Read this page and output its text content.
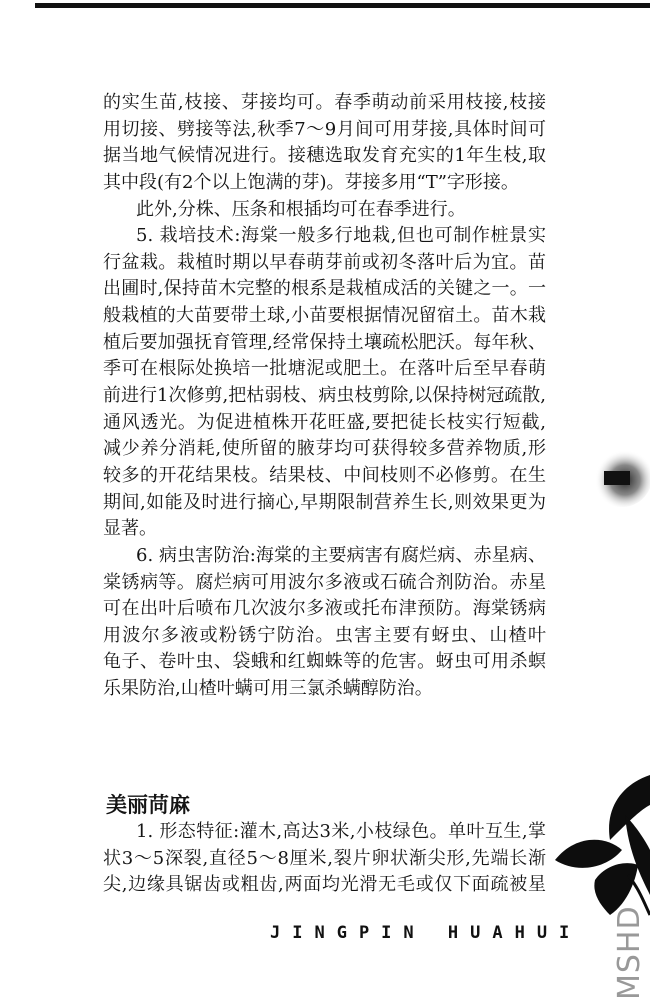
的实生苗,枝接、芽接均可。春季萌动前采用枝接,枝接
用切接、劈接等法,秋季7～9月间可用芽接,具体时间可
据当地气候情况进行。接穗选取发育充实的1年生枝,取
其中段(有2个以上饱满的芽)。芽接多用“T”字形接。
此外,分株、压条和根插均可在春季进行。
5. 栽培技术:海棠一般多行地栽,但也可制作桩景实
行盆栽。栽植时期以早春萌芽前或初冬落叶后为宜。苗
出圃时,保持苗木完整的根系是栽植成活的关键之一。一
般栽植的大苗要带土球,小苗要根据情况留宿土。苗木栽
植后要加强抚育管理,经常保持土壤疏松肥沃。每年秋、
季可在根际处换培一批塘泥或肥土。在落叶后至早春萌
前进行1次修剪,把枯弱枝、病虫枝剪除,以保持树冠疏散,
通风透光。为促进植株开花旺盛,要把徒长枝实行短截,
减少养分消耗,使所留的腋芽均可获得较多营养物质,形
较多的开花结果枝。结果枝、中间枝则不必修剪。在生
期间,如能及时进行摘心,早期限制营养生长,则效果更为
显著。
6. 病虫害防治:海棠的主要病害有腐烂病、赤星病、
棠锈病等。腐烂病可用波尔多液或石硫合剂防治。赤星
可在出叶后喷布几次波尔多液或托布津预防。海棠锈病
用波尔多液或粉锈宁防治。虫害主要有蚜虫、山楂叶
龟子、卷叶虫、袋蛾和红蜘蛛等的危害。蚜虫可用杀螟
乐果防治,山楂叶螨可用三氯杀螨醇防治。
美丽苘麻
1. 形态特征:灌木,高达3米,小枝绿色。单叶互生,掌
状3～5深裂,直径5～8厘米,裂片卵状渐尖形,先端长渐
尖,边缘具锯齿或粗齿,两面均光滑无毛或仅下面疏被星
JINGPIN HUAHUI MSHD
